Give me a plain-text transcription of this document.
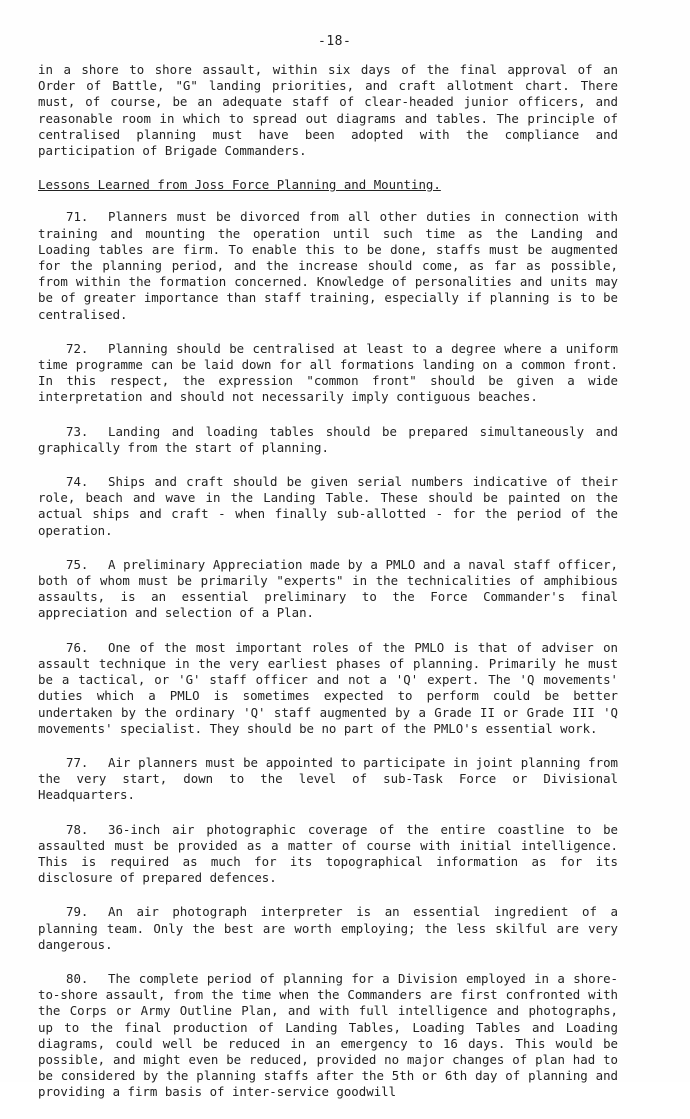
-18-

in a shore to shore assault, within six days of the final approval of an Order of Battle, "G" landing priorities, and craft allotment chart. There must, of course, be an adequate staff of clear-headed junior officers, and reasonable room in which to spread out diagrams and tables. The principle of centralised planning must have been adopted with the compliance and participation of Brigade Commanders.

Lessons Learned from Joss Force Planning and Mounting.

71. Planners must be divorced from all other duties in connection with training and mounting the operation until such time as the Landing and Loading tables are firm. To enable this to be done, staffs must be augmented for the planning period, and the increase should come, as far as possible, from within the formation concerned. Knowledge of personalities and units may be of greater importance than staff training, especially if planning is to be centralised.

72. Planning should be centralised at least to a degree where a uniform time programme can be laid down for all formations landing on a common front. In this respect, the expression "common front" should be given a wide interpretation and should not necessarily imply contiguous beaches.

73. Landing and loading tables should be prepared simultaneously and graphically from the start of planning.

74. Ships and craft should be given serial numbers indicative of their role, beach and wave in the Landing Table. These should be painted on the actual ships and craft - when finally sub-allotted - for the period of the operation.

75. A preliminary Appreciation made by a PMLO and a naval staff officer, both of whom must be primarily "experts" in the technicalities of amphibious assaults, is an essential preliminary to the Force Commander's final appreciation and selection of a Plan.

76. One of the most important roles of the PMLO is that of adviser on assault technique in the very earliest phases of planning. Primarily he must be a tactical, or 'G' staff officer and not a 'Q' expert. The 'Q movements' duties which a PMLO is sometimes expected to perform could be better undertaken by the ordinary 'Q' staff augmented by a Grade II or Grade III 'Q movements' specialist. They should be no part of the PMLO's essential work.

77. Air planners must be appointed to participate in joint planning from the very start, down to the level of sub-Task Force or Divisional Headquarters.

78. 36-inch air photographic coverage of the entire coastline to be assaulted must be provided as a matter of course with initial intelligence. This is required as much for its topographical information as for its disclosure of prepared defences.

79. An air photograph interpreter is an essential ingredient of a planning team. Only the best are worth employing; the less skilful are very dangerous.

80. The complete period of planning for a Division employed in a shore-to-shore assault, from the time when the Commanders are first confronted with the Corps or Army Outline Plan, and with full intelligence and photographs, up to the final production of Landing Tables, Loading Tables and Loading diagrams, could well be reduced in an emergency to 16 days. This would be possible, and might even be reduced, provided no major changes of plan had to be considered by the planning staffs after the 5th or 6th day of planning and providing a firm basis of inter-service goodwill
